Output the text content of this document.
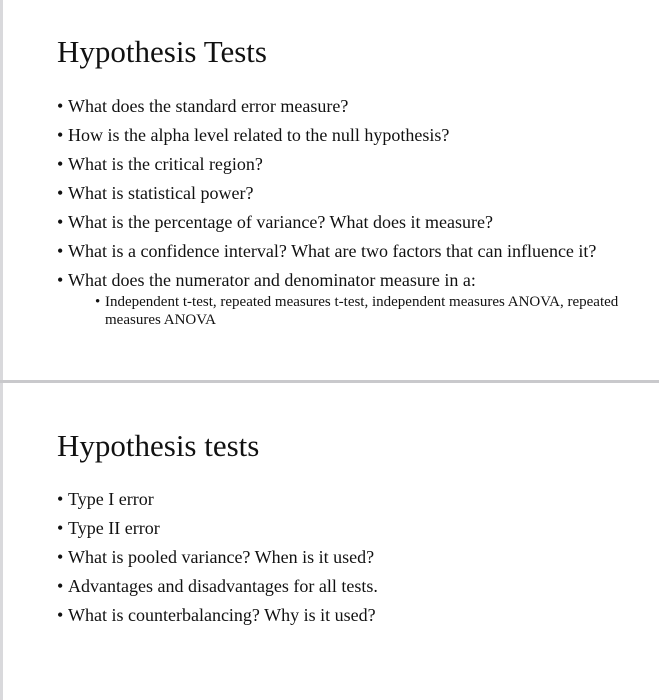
Hypothesis Tests
• What does the standard error measure?
• How is the alpha level related to the null hypothesis?
• What is the critical region?
• What is statistical power?
• What is the percentage of variance? What does it measure?
• What is a confidence interval? What are two factors that can influence it?
• What does the numerator and denominator measure in a:
• Independent t-test, repeated measures t-test, independent measures ANOVA, repeated measures ANOVA
Hypothesis tests
• Type I error
• Type II error
• What is pooled variance? When is it used?
• Advantages and disadvantages for all tests.
• What is counterbalancing? Why is it used?
